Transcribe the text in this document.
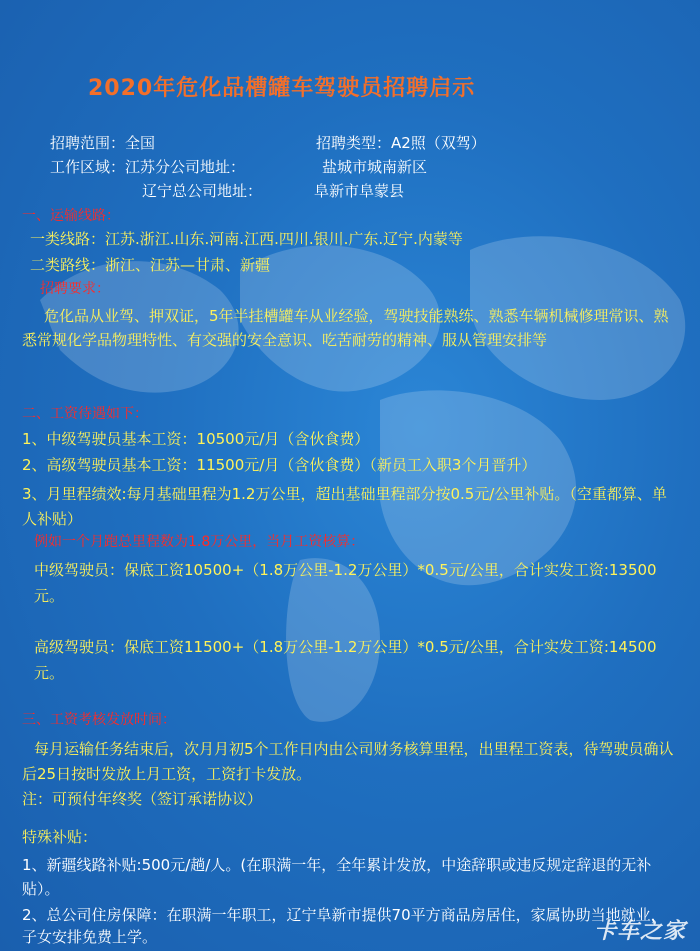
2020年危化品槽罐车驾驶员招聘启示
招聘范围：全国	招聘类型：A2照（双驾）
工作区域：江苏分公司地址：	盐城市城南新区
辽宁总公司地址：	阜新市阜蒙县
一、运输线路：
一类线路：江苏.浙江.山东.河南.江西.四川.银川.广东.辽宁.内蒙等
二类路线：浙江、江苏—甘肃、新疆
招聘要求：
危化品从业驾、押双证，5年半挂槽罐车从业经验，驾驶技能熟练、熟悉车辆机械修理常识、熟悉常规化学品物理特性、有交强的安全意识、吃苦耐劳的精神、服从管理安排等
二、工资待遇如下：
1、中级驾驶员基本工资：10500元/月（含伙食费）
2、高级驾驶员基本工资：11500元/月（含伙食费）（新员工入职3个月晋升）
3、月里程绩效:每月基础里程为1.2万公里，超出基础里程部分按0.5元/公里补贴。（空重都算、单人补贴）
例如一个月跑总里程数为1.8万公里，当月工资核算：
中级驾驶员：保底工资10500+（1.8万公里-1.2万公里）*0.5元/公里，合计实发工资:13500元。
高级驾驶员：保底工资11500+（1.8万公里-1.2万公里）*0.5元/公里，合计实发工资:14500元。
三、工资考核发放时间：
每月运输任务结束后，次月月初5个工作日内由公司财务核算里程，出里程工资表，待驾驶员确认后25日按时发放上月工资，工资打卡发放。
注：可预付年终奖（签订承诺协议）
特殊补贴：
1、新疆线路补贴:500元/趟/人。(在职满一年，全年累计发放，中途辞职或违反规定辞退的无补贴）。
2、总公司住房保障：在职满一年职工，辽宁阜新市提供70平方商品房居住，家属协助当地就业，子女安排免费上学。	卡车之家
